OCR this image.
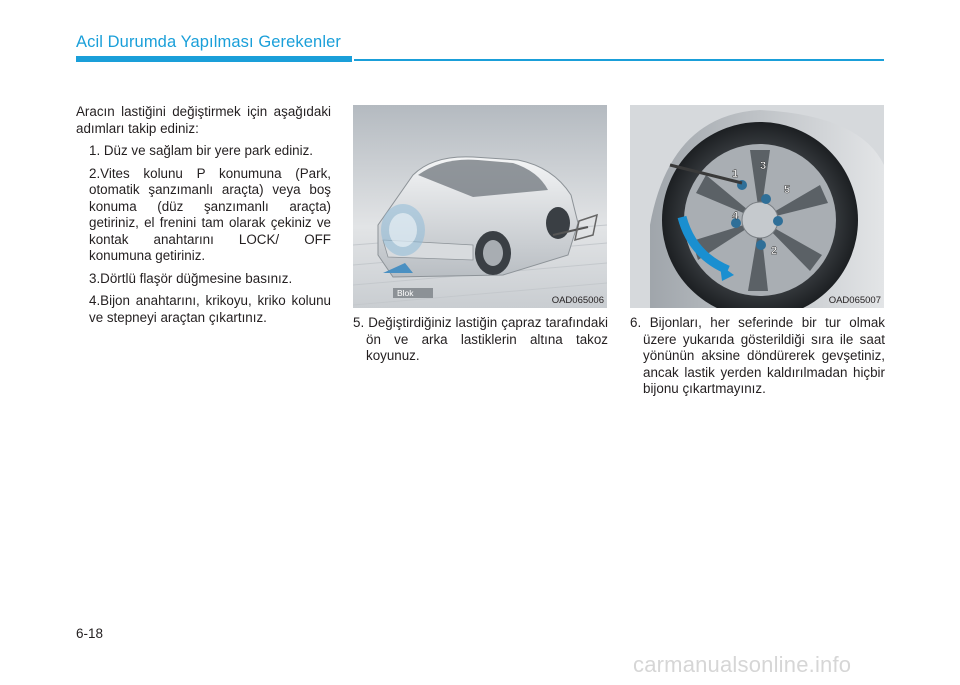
Acil Durumda Yapılması Gerekenler

Aracın lastiğini değiştirmek için aşağıdaki adımları takip ediniz:

1. Düz ve sağlam bir yere park ediniz.
2.Vites kolunu P konumuna (Park, otomatik şanzımanlı araçta) veya boş konuma (düz şanzımanlı araçta) getiriniz, el frenini tam olarak çekiniz ve kontak anahtarını LOCK/ OFF konumuna getiriniz.
3.Dörtlü flaşör düğmesine basınız.
4.Bijon anahtarını, krikoyu, kriko kolunu ve stepneyi araçtan çıkartınız.
Blok
OAD065006
1
2
3
4
5
OAD065007
5. Değiştirdiğiniz lastiğin çapraz tarafındaki ön ve arka lastiklerin altına takoz koyunuz.
6. Bijonları, her seferinde bir tur olmak üzere yukarıda gösterildiği sıra ile saat yönünün aksine döndürerek gevşetiniz, ancak lastik yerden kaldırılmadan hiçbir bijonu çıkartmayınız.
6-18
carmanualsonline.info
